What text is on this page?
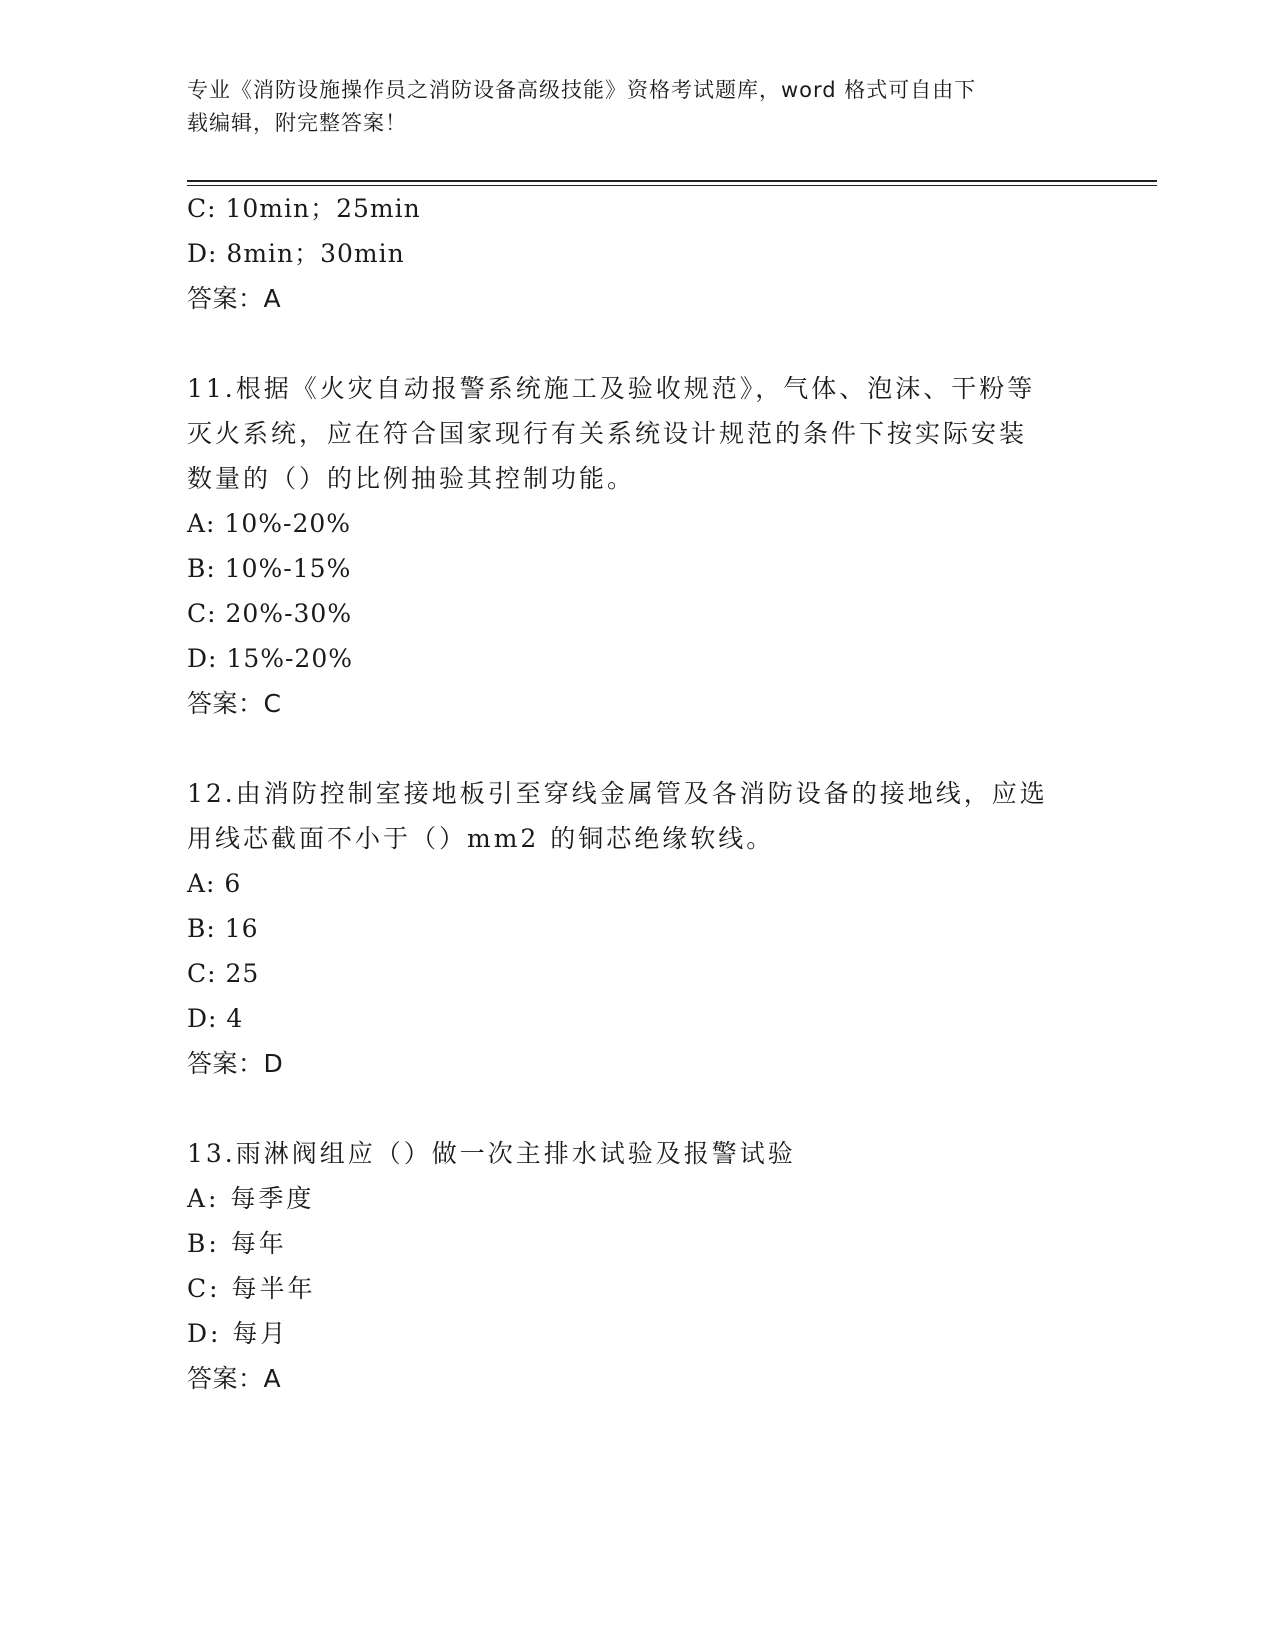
专业《消防设施操作员之消防设备高级技能》资格考试题库，word 格式可自由下
载编辑，附完整答案！
C: 10min；25min
D: 8min；30min
答案：A
11.根据《火灾自动报警系统施工及验收规范》，气体、泡沫、干粉等
灭火系统，应在符合国家现行有关系统设计规范的条件下按实际安装
数量的（）的比例抽验其控制功能。
A: 10%-20%
B: 10%-15%
C: 20%-30%
D: 15%-20%
答案：C
12.由消防控制室接地板引至穿线金属管及各消防设备的接地线，应选
用线芯截面不小于（）mm2 的铜芯绝缘软线。
A: 6
B: 16
C: 25
D: 4
答案：D
13.雨淋阀组应（）做一次主排水试验及报警试验
A: 每季度
B: 每年
C: 每半年
D: 每月
答案：A
